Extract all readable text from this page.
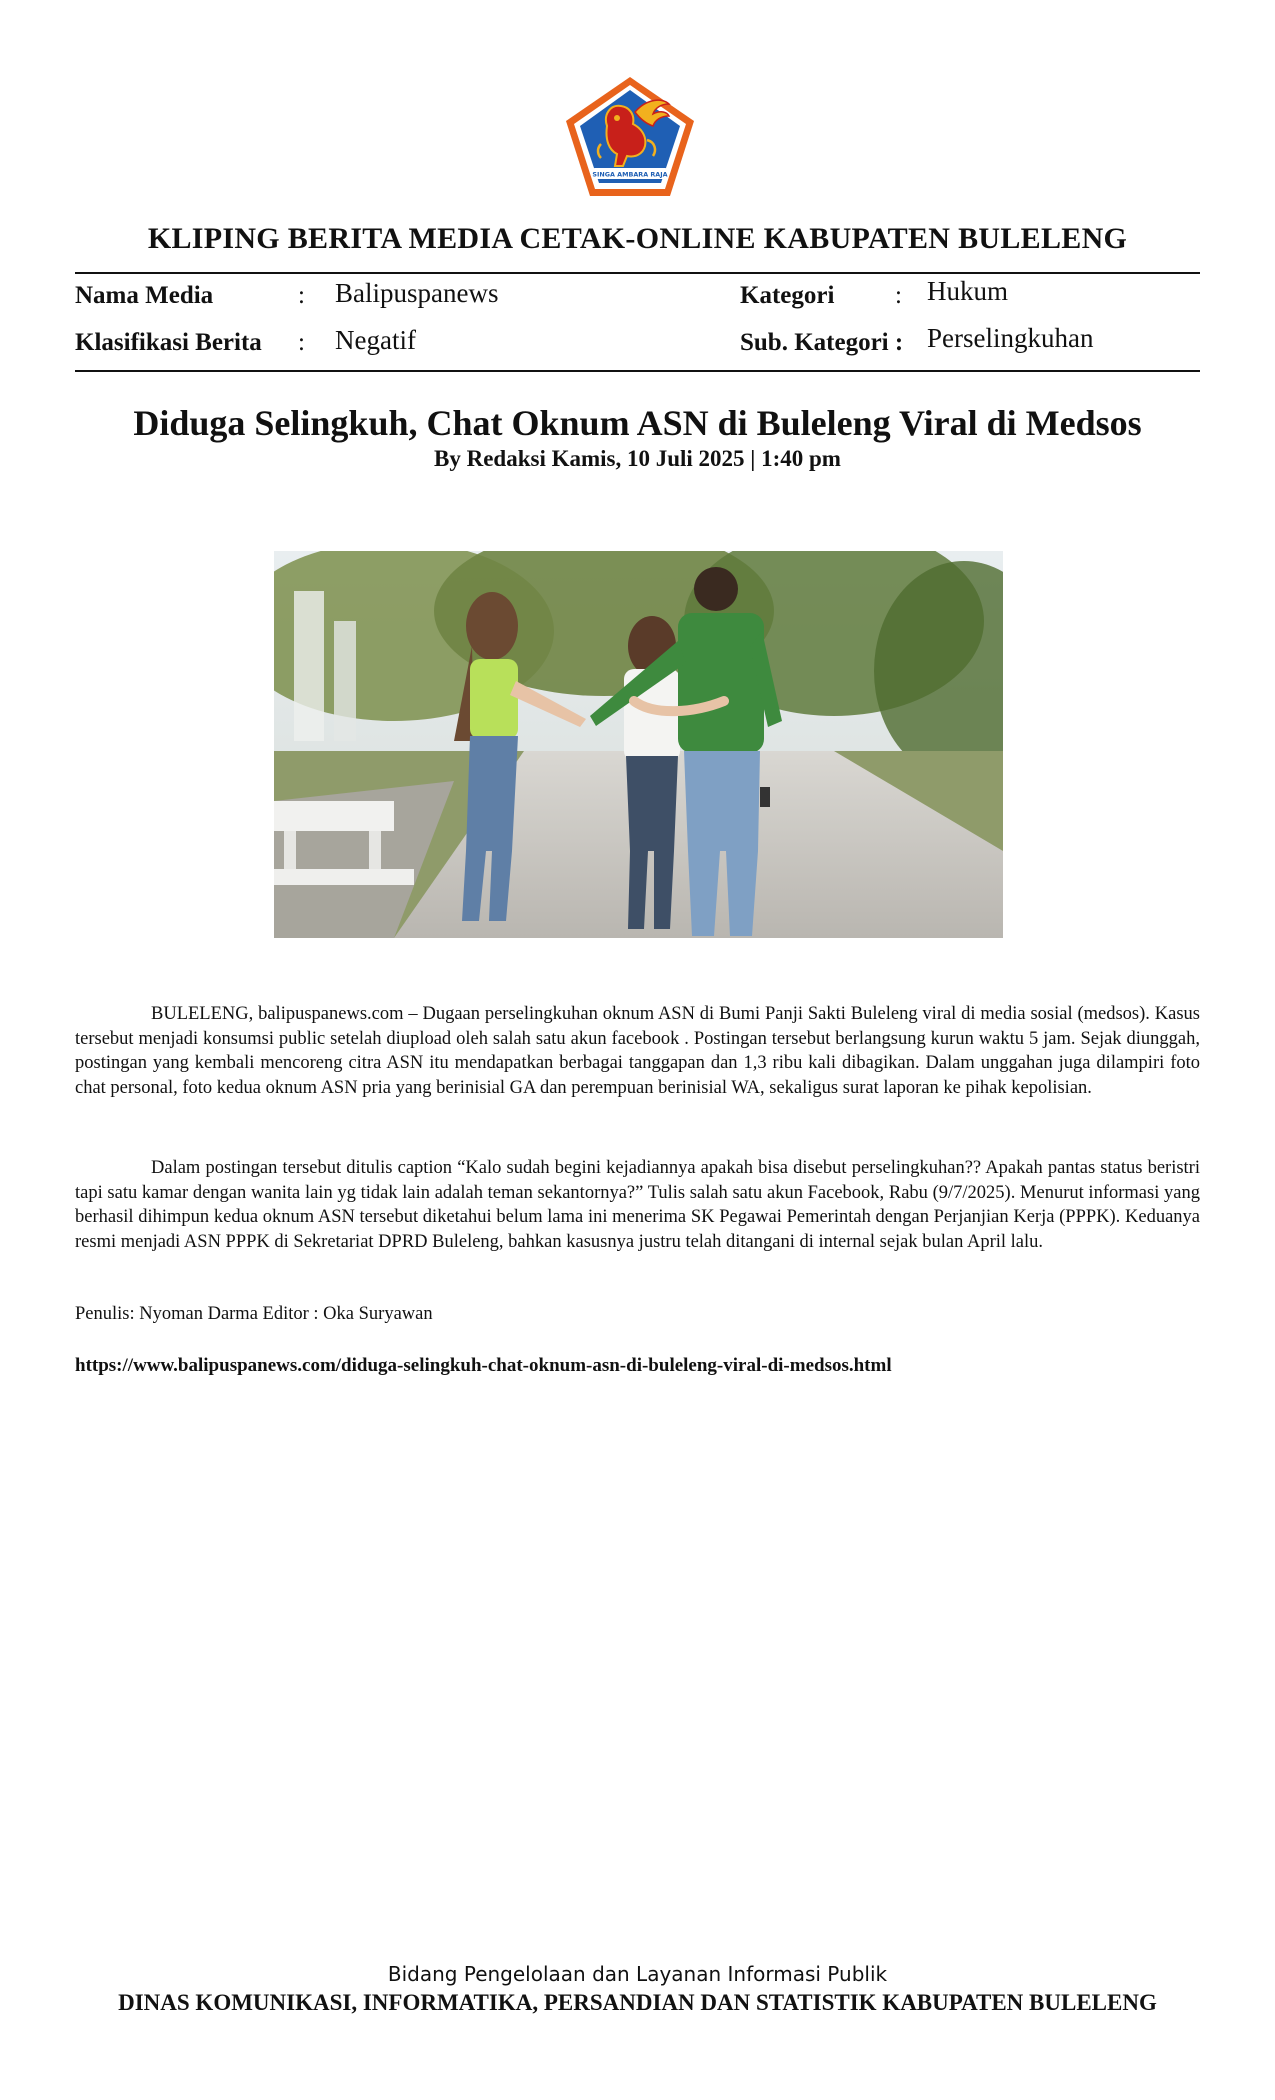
SINGA AMBARA RAJA
KLIPING BERITA MEDIA CETAK-ONLINE KABUPATEN BULELENG
Nama Media	: Balipuspanews	Kategori : Hukum
Klasifikasi Berita : Negatif	Sub. Kategori : Perselingkuhan
Diduga Selingkuh, Chat Oknum ASN di Buleleng Viral di Medsos
By Redaksi Kamis, 10 Juli 2025 | 1:40 pm

BULELENG, balipuspanews.com – Dugaan perselingkuhan oknum ASN di Bumi Panji Sakti Buleleng viral di media sosial (medsos). Kasus tersebut menjadi konsumsi public setelah diupload oleh salah satu akun facebook . Postingan tersebut berlangsung kurun waktu 5 jam. Sejak diunggah, postingan yang kembali mencoreng citra ASN itu mendapatkan berbagai tanggapan dan 1,3 ribu kali dibagikan. Dalam unggahan juga dilampiri foto chat personal, foto kedua oknum ASN pria yang berinisial GA dan perempuan berinisial WA, sekaligus surat laporan ke pihak kepolisian.

Dalam postingan tersebut ditulis caption “Kalo sudah begini kejadiannya apakah bisa disebut perselingkuhan?? Apakah pantas status beristri tapi satu kamar dengan wanita lain yg tidak lain adalah teman sekantornya?” Tulis salah satu akun Facebook, Rabu (9/7/2025). Menurut informasi yang berhasil dihimpun kedua oknum ASN tersebut diketahui belum lama ini menerima SK Pegawai Pemerintah dengan Perjanjian Kerja (PPPK). Keduanya resmi menjadi ASN PPPK di Sekretariat DPRD Buleleng, bahkan kasusnya justru telah ditangani di internal sejak bulan April lalu.

Penulis: Nyoman Darma Editor : Oka Suryawan
https://www.balipuspanews.com/diduga-selingkuh-chat-oknum-asn-di-buleleng-viral-di-medsos.html
Bidang Pengelolaan dan Layanan Informasi Publik
DINAS KOMUNIKASI, INFORMATIKA, PERSANDIAN DAN STATISTIK KABUPATEN BULELENG
